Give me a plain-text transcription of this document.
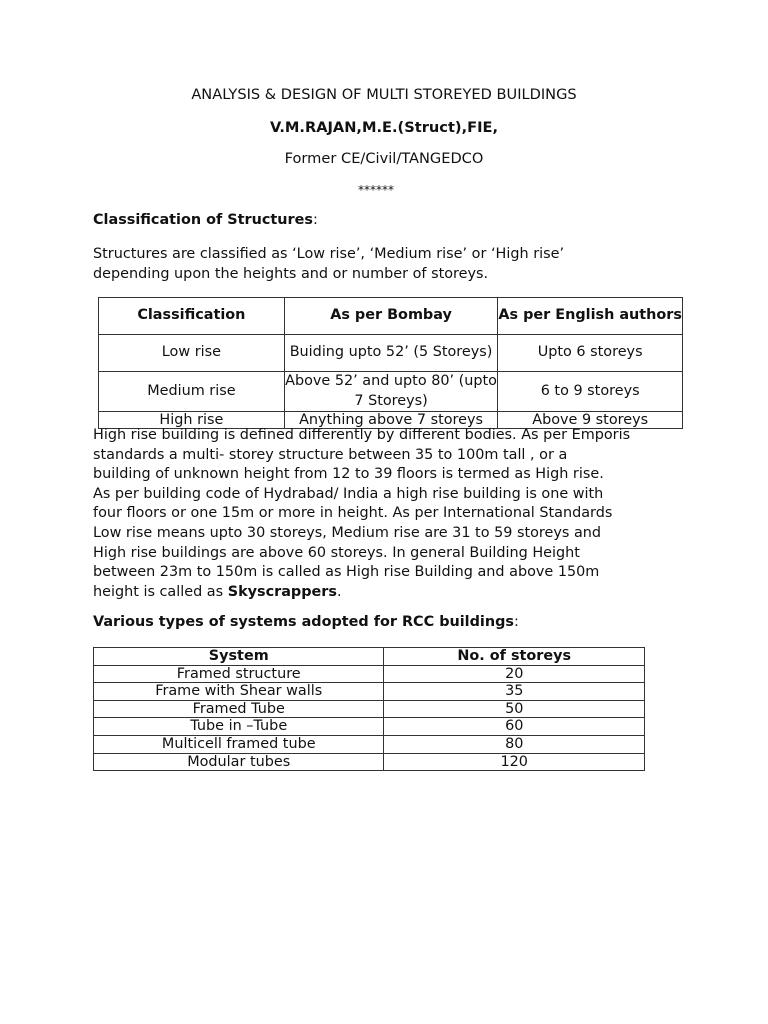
ANALYSIS & DESIGN OF MULTI STOREYED BUILDINGS
V.M.RAJAN,M.E.(Struct),FIE,
Former CE/Civil/TANGEDCO
******
Classification of Structures:
Structures are classified as ‘Low rise’, ‘Medium rise’ or ‘High rise’
depending upon the heights and or number of storeys.
Classification	As per Bombay	As per English authors
Low rise	Buiding upto 52’ (5 Storeys)	Upto 6 storeys
Medium rise	Above 52’ and upto 80’ (upto 7 Storeys)	6 to 9 storeys
High rise	Anything above 7 storeys	Above 9 storeys
High rise building is defined differently by different bodies. As per Emporis
standards a multi- storey structure between 35 to 100m tall , or a
building of unknown height from 12 to 39 floors is termed as High rise.
As per building code of Hydrabad/ India a high rise building is one with
four floors or one 15m or more in height. As per International Standards
Low rise means upto 30 storeys, Medium rise are 31 to 59 storeys and
High rise buildings are above 60 storeys. In general Building Height
between 23m to 150m is called as High rise Building and above 150m
height is called as Skyscrappers.
Various types of systems adopted for RCC buildings:
System	No. of storeys
Framed structure	20
Frame with Shear walls	35
Framed Tube	50
Tube in –Tube	60
Multicell framed tube	80
Modular tubes	120
